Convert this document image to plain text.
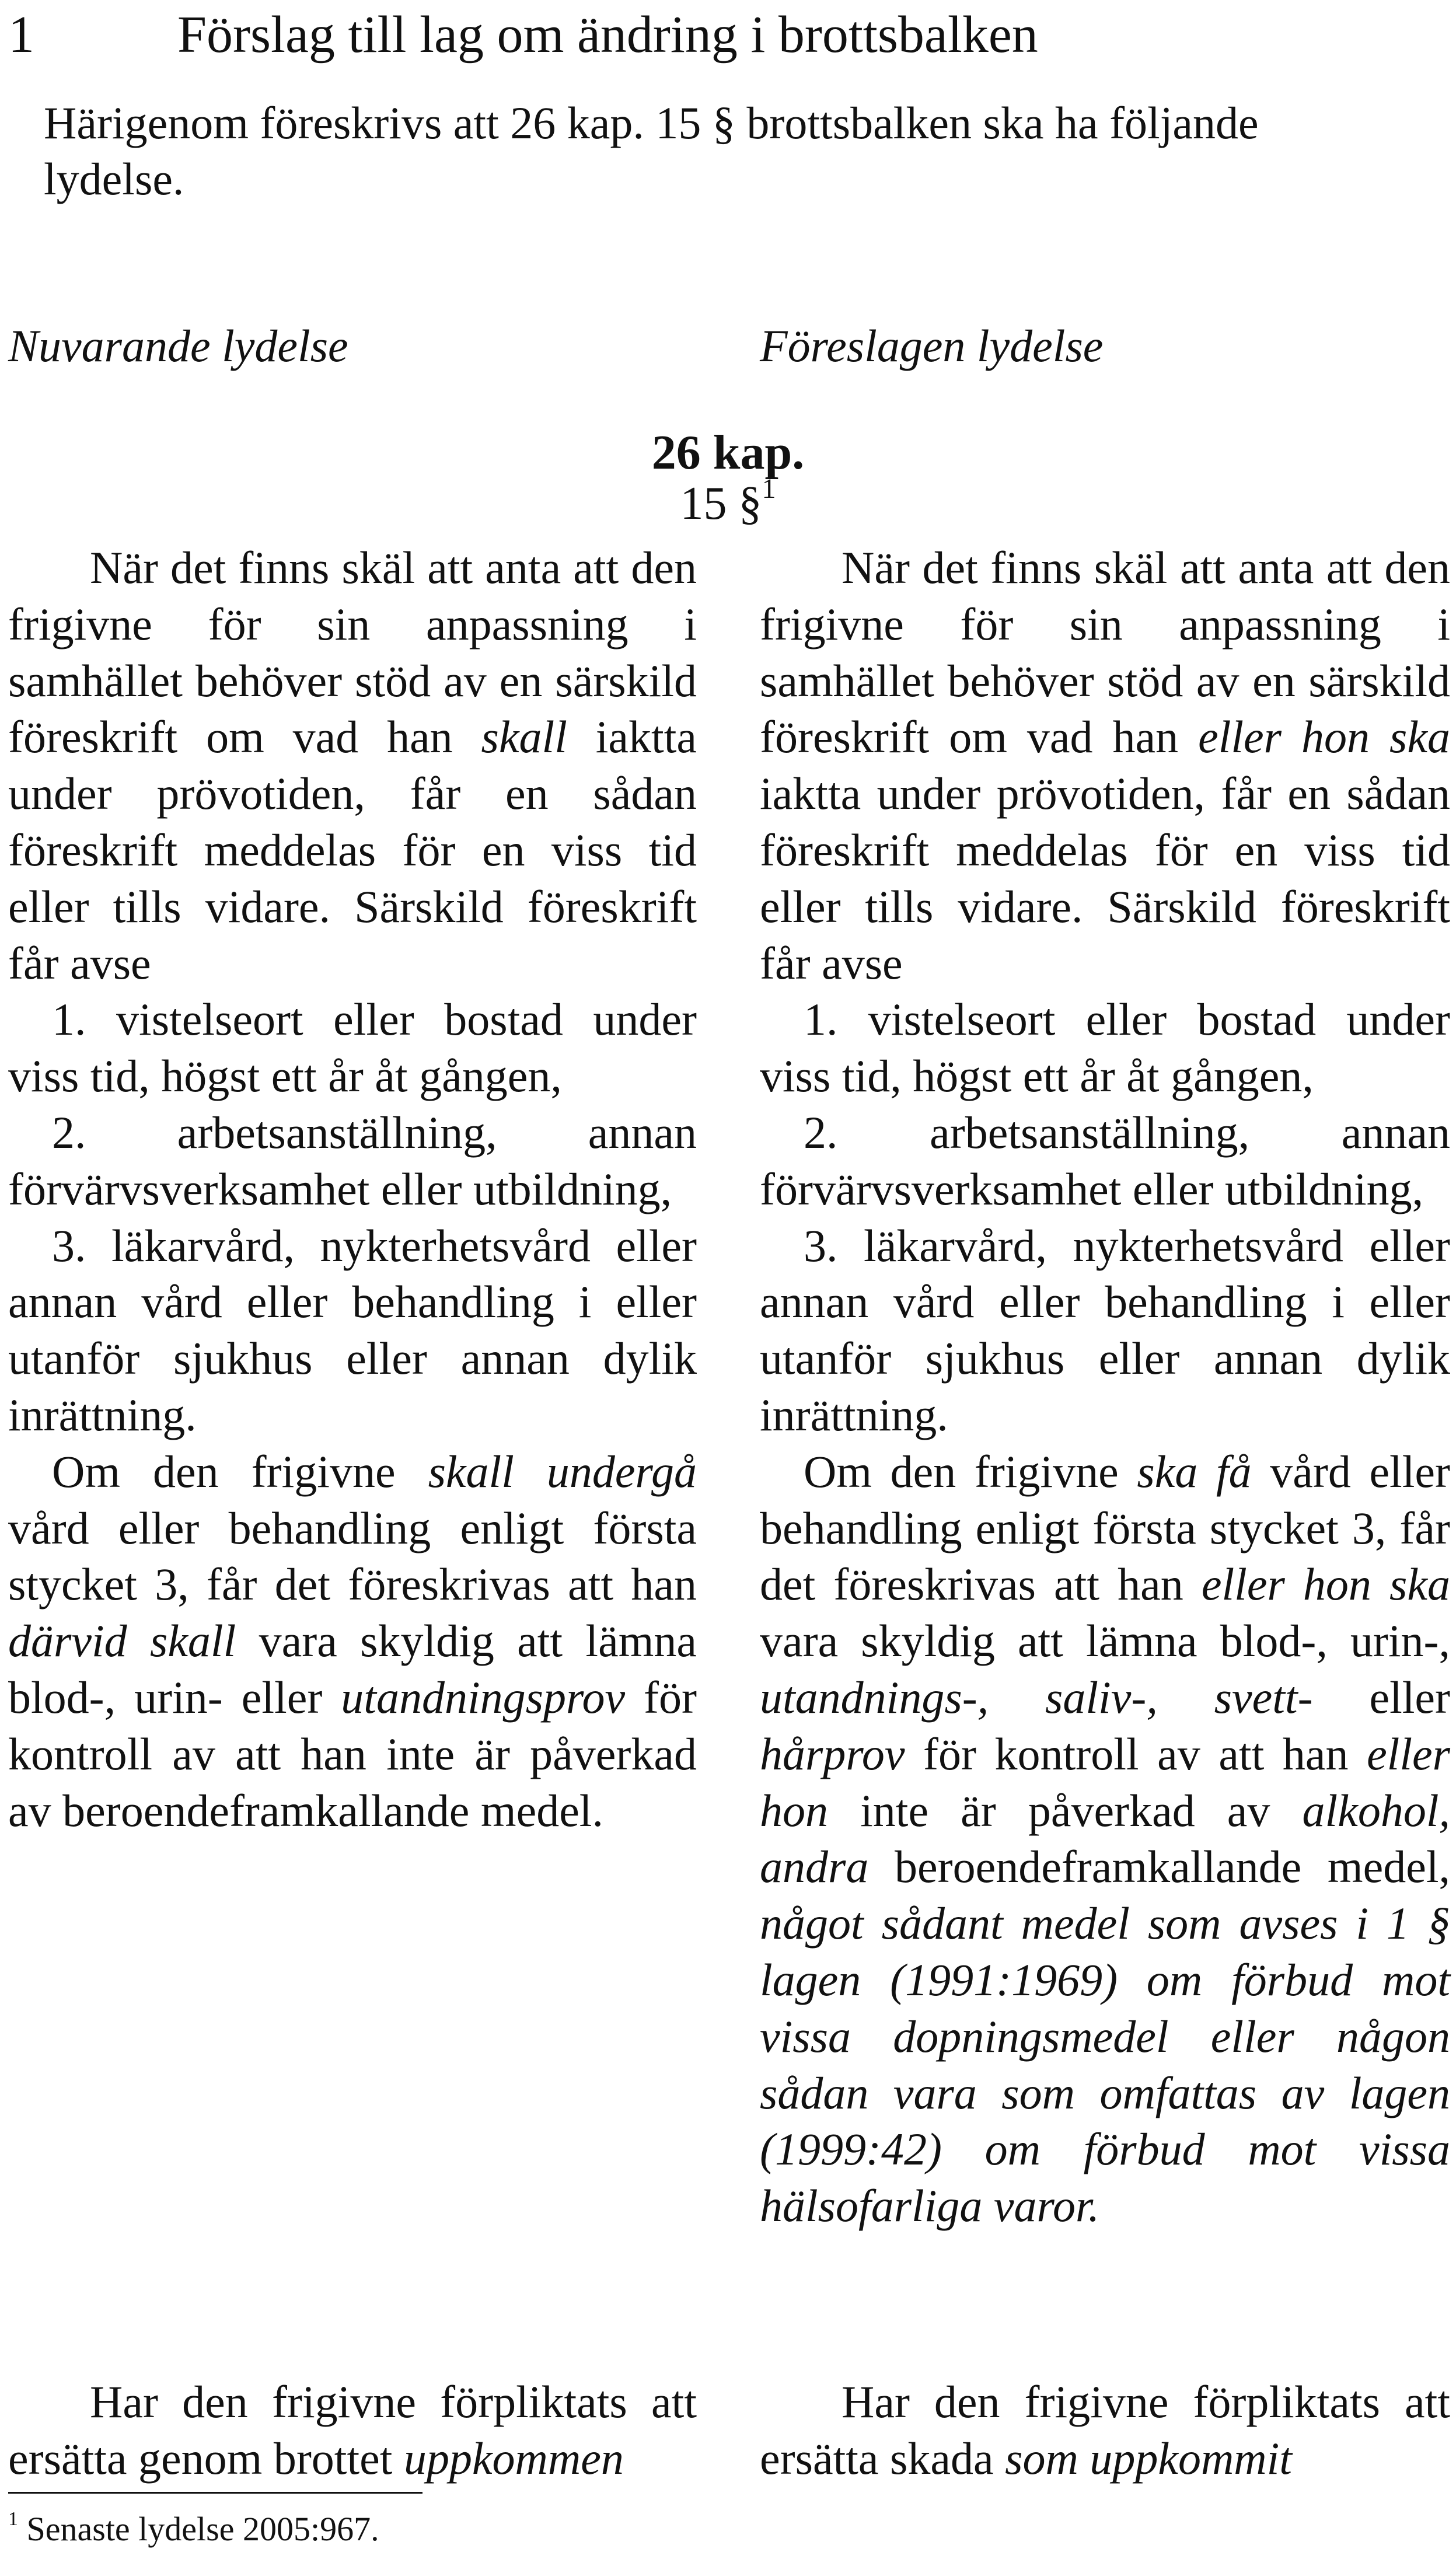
1	Förslag till lag om ändring i brottsbalken

Härigenom föreskrivs att 26 kap. 15 § brottsbalken ska ha följande
lydelse.

Nuvarande lydelse	Föreslagen lydelse
26 kap.
15 §$^1$

När det finns skäl att anta att den frigivne för sin anpassning i samhället behöver stöd av en särskild föreskrift om vad han skall iaktta under prövotiden, får en sådan föreskrift meddelas för en viss tid eller tills vidare. Särskild föreskrift får avse

1. vistelseort eller bostad under viss tid, högst ett år åt gången,

2. arbetsanställning, annan förvärvsverksamhet eller utbildning,

3. läkarvård, nykterhetsvård eller annan vård eller behandling i eller utanför sjukhus eller annan dylik inrättning.

Om den frigivne skall undergå vård eller behandling enligt första stycket 3, får det föreskrivas att han därvid skall vara skyldig att lämna blod-, urin- eller utandningsprov för kontroll av att han inte är påverkad av beroendeframkallande medel.

Har den frigivne förpliktats att ersätta genom brottet uppkommen

När det finns skäl att anta att den frigivne för sin anpassning i samhället behöver stöd av en särskild föreskrift om vad han eller hon ska iaktta under prövotiden, får en sådan föreskrift meddelas för en viss tid eller tills vidare. Särskild föreskrift får avse

1. vistelseort eller bostad under viss tid, högst ett år åt gången,

2. arbetsanställning, annan förvärvsverksamhet eller utbildning,

3. läkarvård, nykterhetsvård eller annan vård eller behandling i eller utanför sjukhus eller annan dylik inrättning.

Om den frigivne ska få vård eller behandling enligt första stycket 3, får det föreskrivas att han eller hon ska vara skyldig att lämna blod-, urin-, utandnings-, saliv-, svett- eller hårprov för kontroll av att han eller hon inte är påverkad av alkohol, andra beroendeframkallande medel, något sådant medel som avses i 1 § lagen (1991:1969) om förbud mot vissa dopningsmedel eller någon sådan vara som omfattas av lagen (1999:42) om förbud mot vissa hälsofarliga varor.

Har den frigivne förpliktats att ersätta skada som uppkommit

$^1$ Senaste lydelse 2005:967.
